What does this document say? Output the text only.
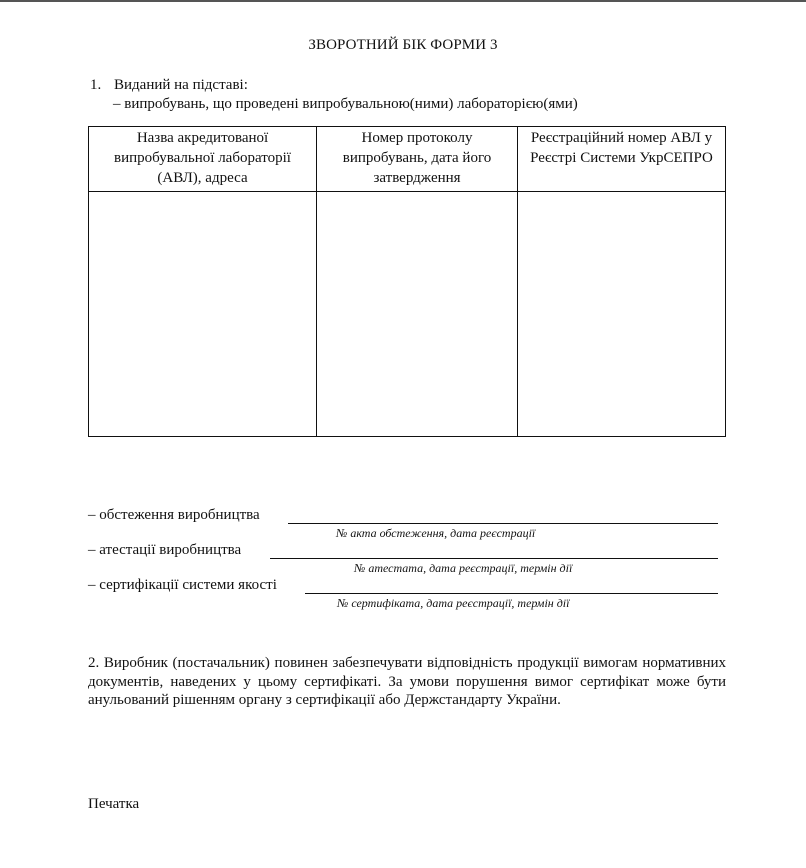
ЗВОРОТНИЙ БІК ФОРМИ 3
1. Виданий на підставі:
– випробувань, що проведені випробувальною(ними) лабораторією(ями)
Назва акредитованої випробувальної лабораторії (АВЛ), адреса	Номер протоколу випробувань, дата його затвердження	Реєстраційний номер АВЛ у Реєстрі Системи УкрСЕПРО

– обстеження виробництва
№ акта обстеження, дата реєстрації
– атестації виробництва
№ атестата, дата реєстрації, термін дії
– сертифікації системи якості
№ сертифіката, дата реєстрації, термін дії
2. Виробник (постачальник) повинен забезпечувати відповідність продукції вимогам нормативних документів, наведених у цьому сертифікаті. За умови порушення вимог сертифікат може бути анульований рішенням органу з сертифікації або Держстандарту України.
Печатка
